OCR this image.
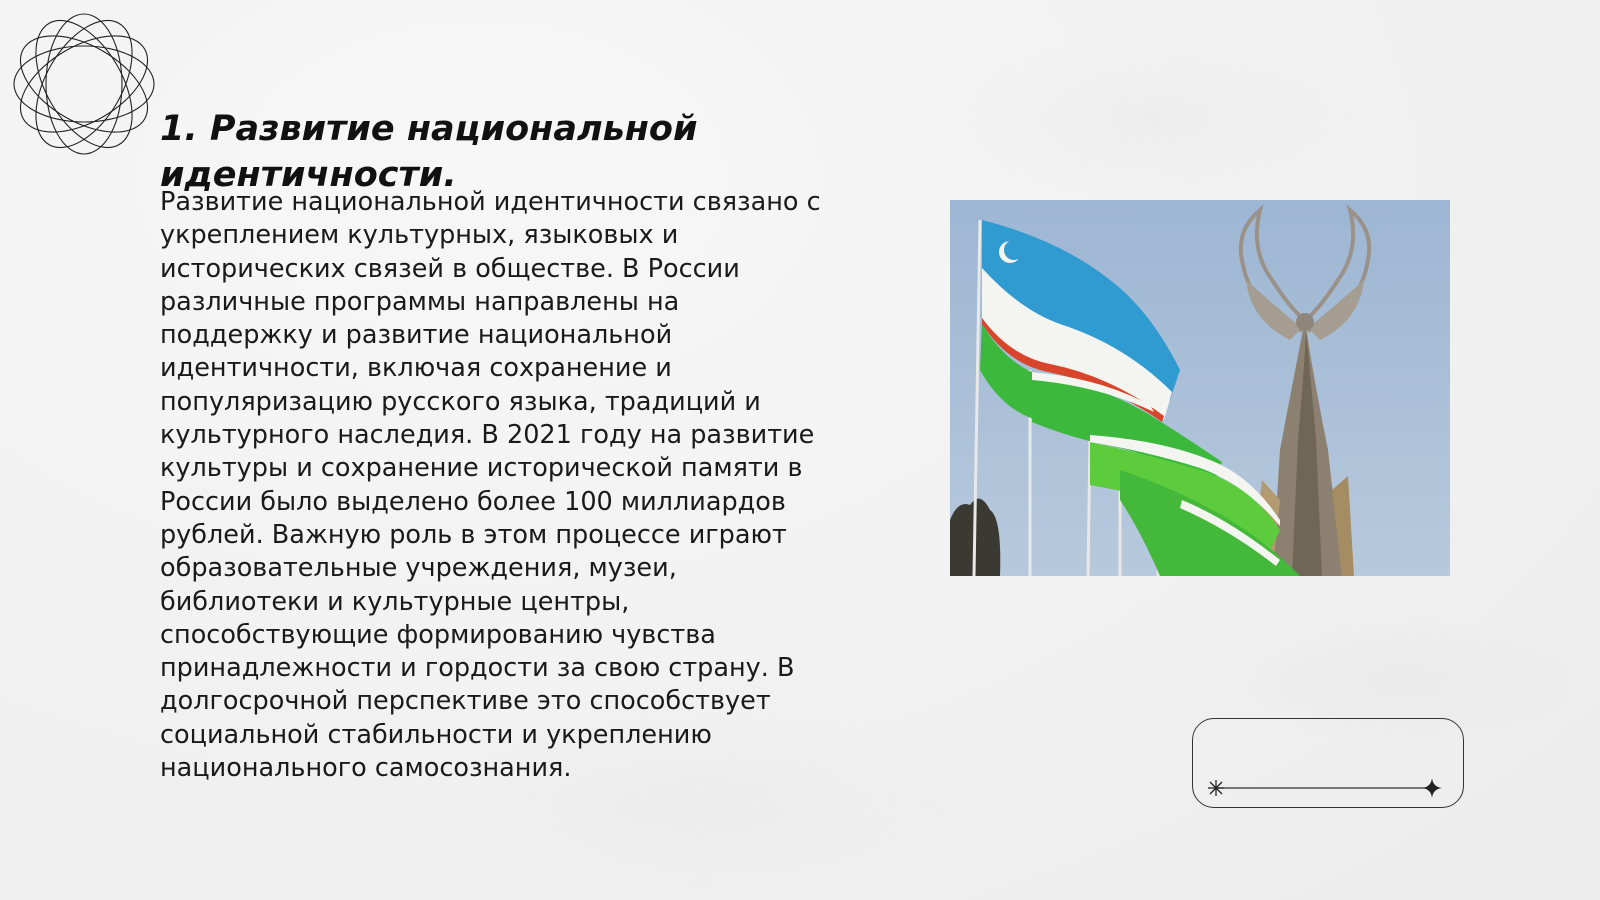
1. Развитие национальной
идентичности.

Развитие национальной идентичности связано с
укреплением культурных, языковых и
исторических связей в обществе. В России
различные программы направлены на
поддержку и развитие национальной
идентичности, включая сохранение и
популяризацию русского языка, традиций и
культурного наследия. В 2021 году на развитие
культуры и сохранение исторической памяти в
России было выделено более 100 миллиардов
рублей. Важную роль в этом процессе играют
образовательные учреждения, музеи,
библиотеки и культурные центры,
способствующие формированию чувства
принадлежности и гордости за свою страну. В
долгосрочной перспективе это способствует
социальной стабильности и укреплению
национального самосознания.
